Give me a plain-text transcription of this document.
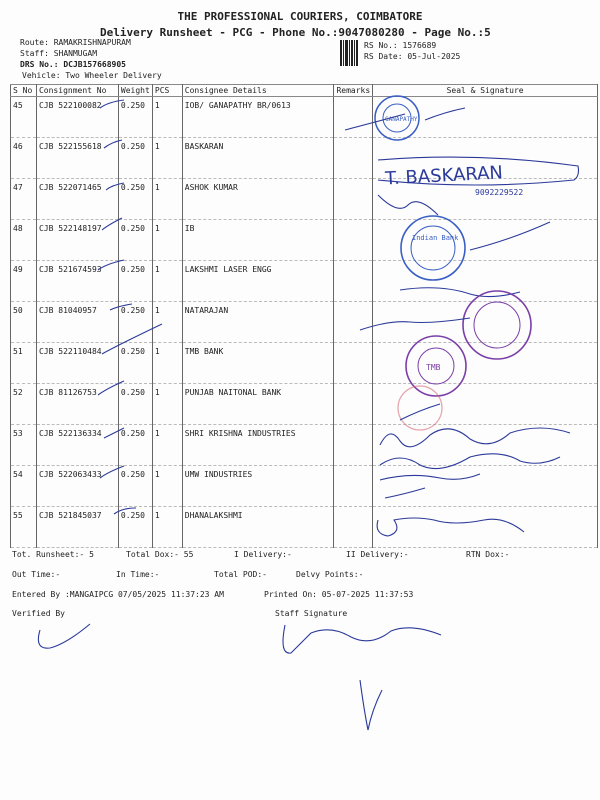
THE PROFESSIONAL COURIERS, COIMBATORE
Delivery Runsheet - PCG - Phone No.:9047080280 - Page No.:5
Route: RAMAKRISHNAPURAM
Staff: SHANMUGAM
DRS No.: DCJB157668905
Vehicle: Two Wheeler Delivery
RS No.: 1576689
RS Date: 05-Jul-2025
S No	Consignment No	Weight	PCS	Consignee Details	Remarks	Seal & Signature
45	CJB 522100082	0.250	1	IOB/ GANAPATHY BR/0613		
46	CJB 522155618	0.250	1	BASKARAN		
47	CJB 522071465	0.250	1	ASHOK KUMAR		
48	CJB 522148197	0.250	1	IB		
49	CJB 521674593	0.250	1	LAKSHMI LASER ENGG		
50	CJB 81040957	0.250	1	NATARAJAN		
51	CJB 522110484	0.250	1	TMB BANK		
52	CJB 81126753	0.250	1	PUNJAB NAITONAL BANK		
53	CJB 522136334	0.250	1	SHRI KRISHNA INDUSTRIES		
54	CJB 522063433	0.250	1	UMW INDUSTRIES		
55	CJB 521845037	0.250	1	DHANALAKSHMI		
GANAPATHY
T. BASKARAN
9092229522
Indian Bank
TMB
Tot. Runsheet:- 5	Total Dox:- 55	I Delivery:-	II Delivery:-	RTN Dox:-
Out Time:-	In Time:-	Total POD:-	Delvy Points:-
Entered By :MANGAIPCG 07/05/2025 11:37:23 AM	Printed On: 05-07-2025 11:37:53
Verified By	Staff Signature
